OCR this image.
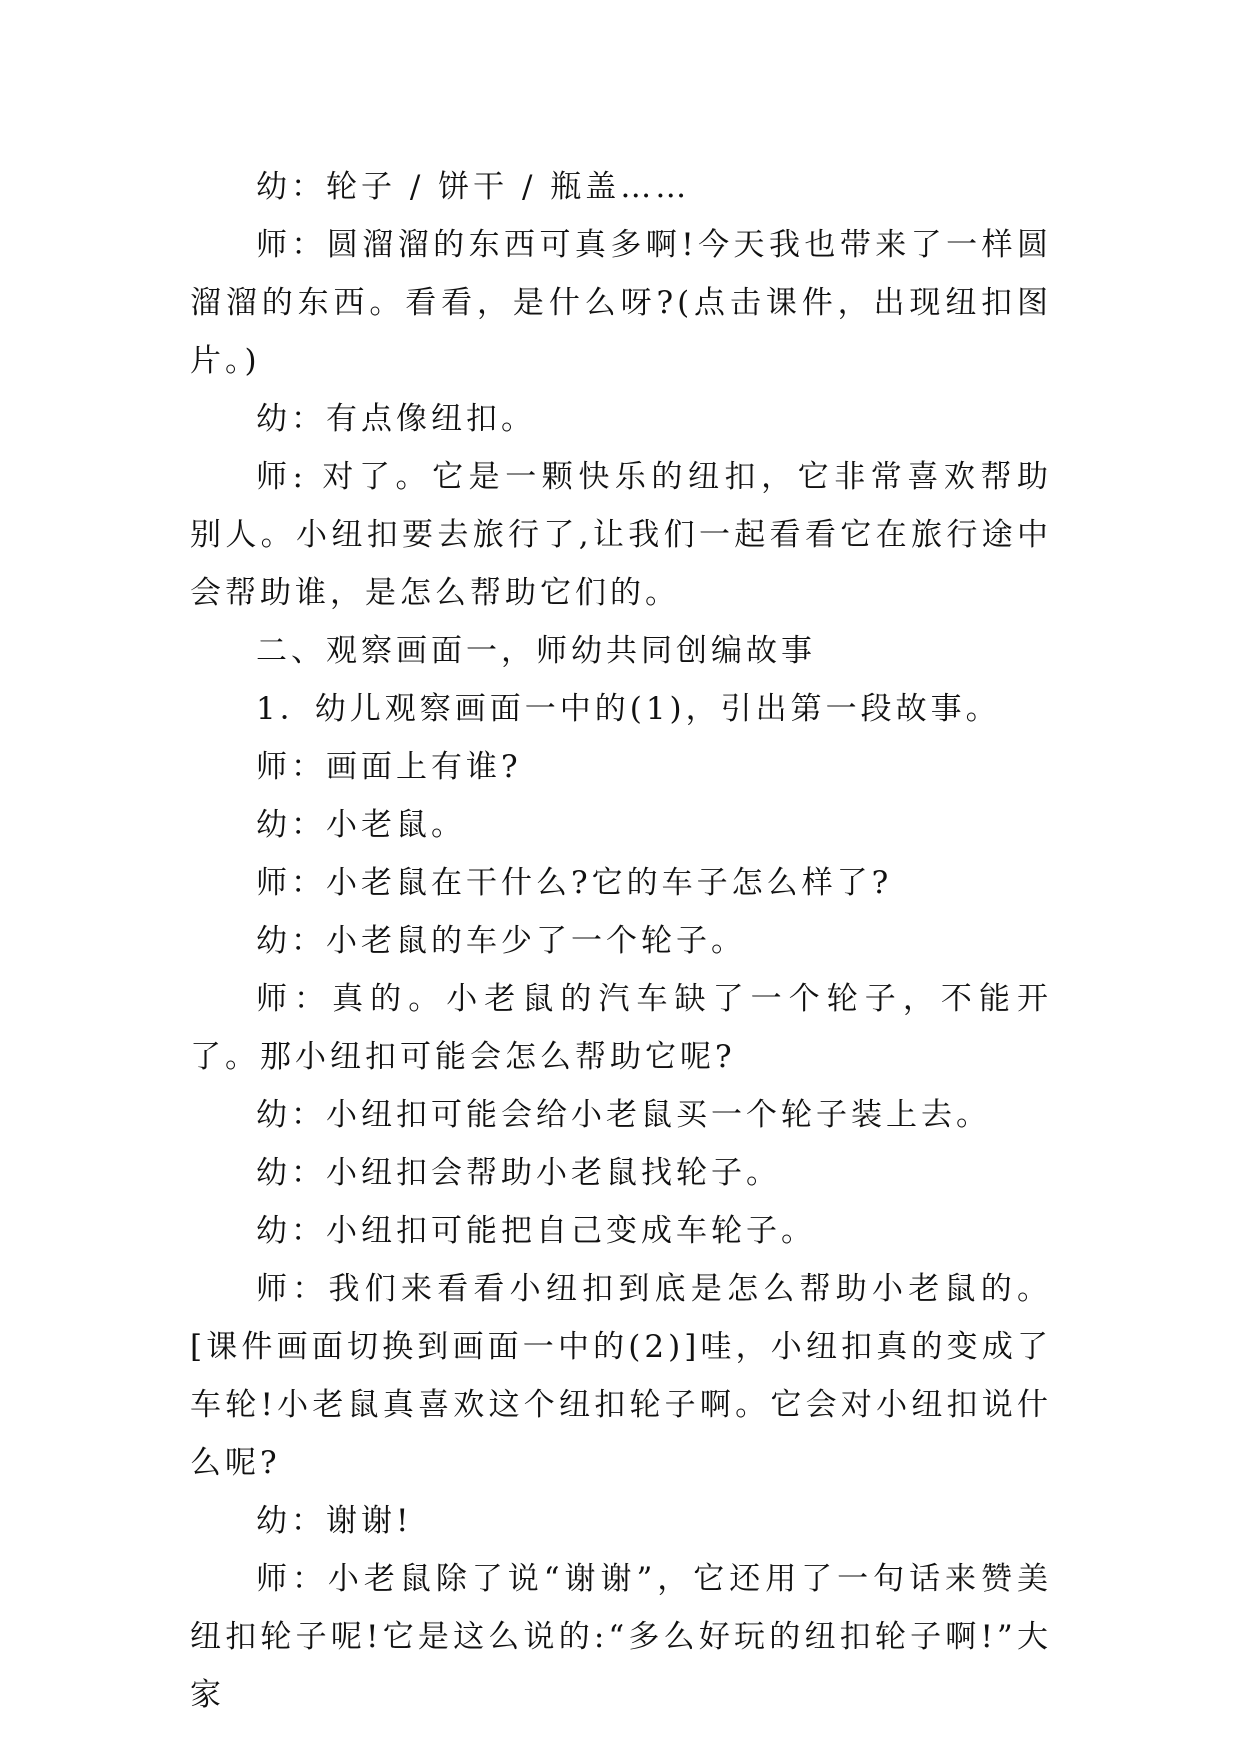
幼：轮子 / 饼干 / 瓶盖……

师：圆溜溜的东西可真多啊!今天我也带来了一样圆溜溜的东西。看看，是什么呀?(点击课件，出现纽扣图片。)

幼：有点像纽扣。

师: 对了。它是一颗快乐的纽扣，它非常喜欢帮助别人。小纽扣要去旅行了,让我们一起看看它在旅行途中会帮助谁，是怎么帮助它们的。

二、观察画面一，师幼共同创编故事

1．幼儿观察画面一中的(1)，引出第一段故事。

师：画面上有谁?

幼：小老鼠。

师：小老鼠在干什么?它的车子怎么样了?

幼：小老鼠的车少了一个轮子。

师：真的。小老鼠的汽车缺了一个轮子，不能开了。那小纽扣可能会怎么帮助它呢?

幼：小纽扣可能会给小老鼠买一个轮子装上去。

幼：小纽扣会帮助小老鼠找轮子。

幼：小纽扣可能把自己变成车轮子。

师：我们来看看小纽扣到底是怎么帮助小老鼠的。[课件画面切换到画面一中的(2)]哇，小纽扣真的变成了车轮!小老鼠真喜欢这个纽扣轮子啊。它会对小纽扣说什么呢?

幼：谢谢!

师：小老鼠除了说“谢谢”，它还用了一句话来赞美纽扣轮子呢!它是这么说的:“多么好玩的纽扣轮子啊!”大家
